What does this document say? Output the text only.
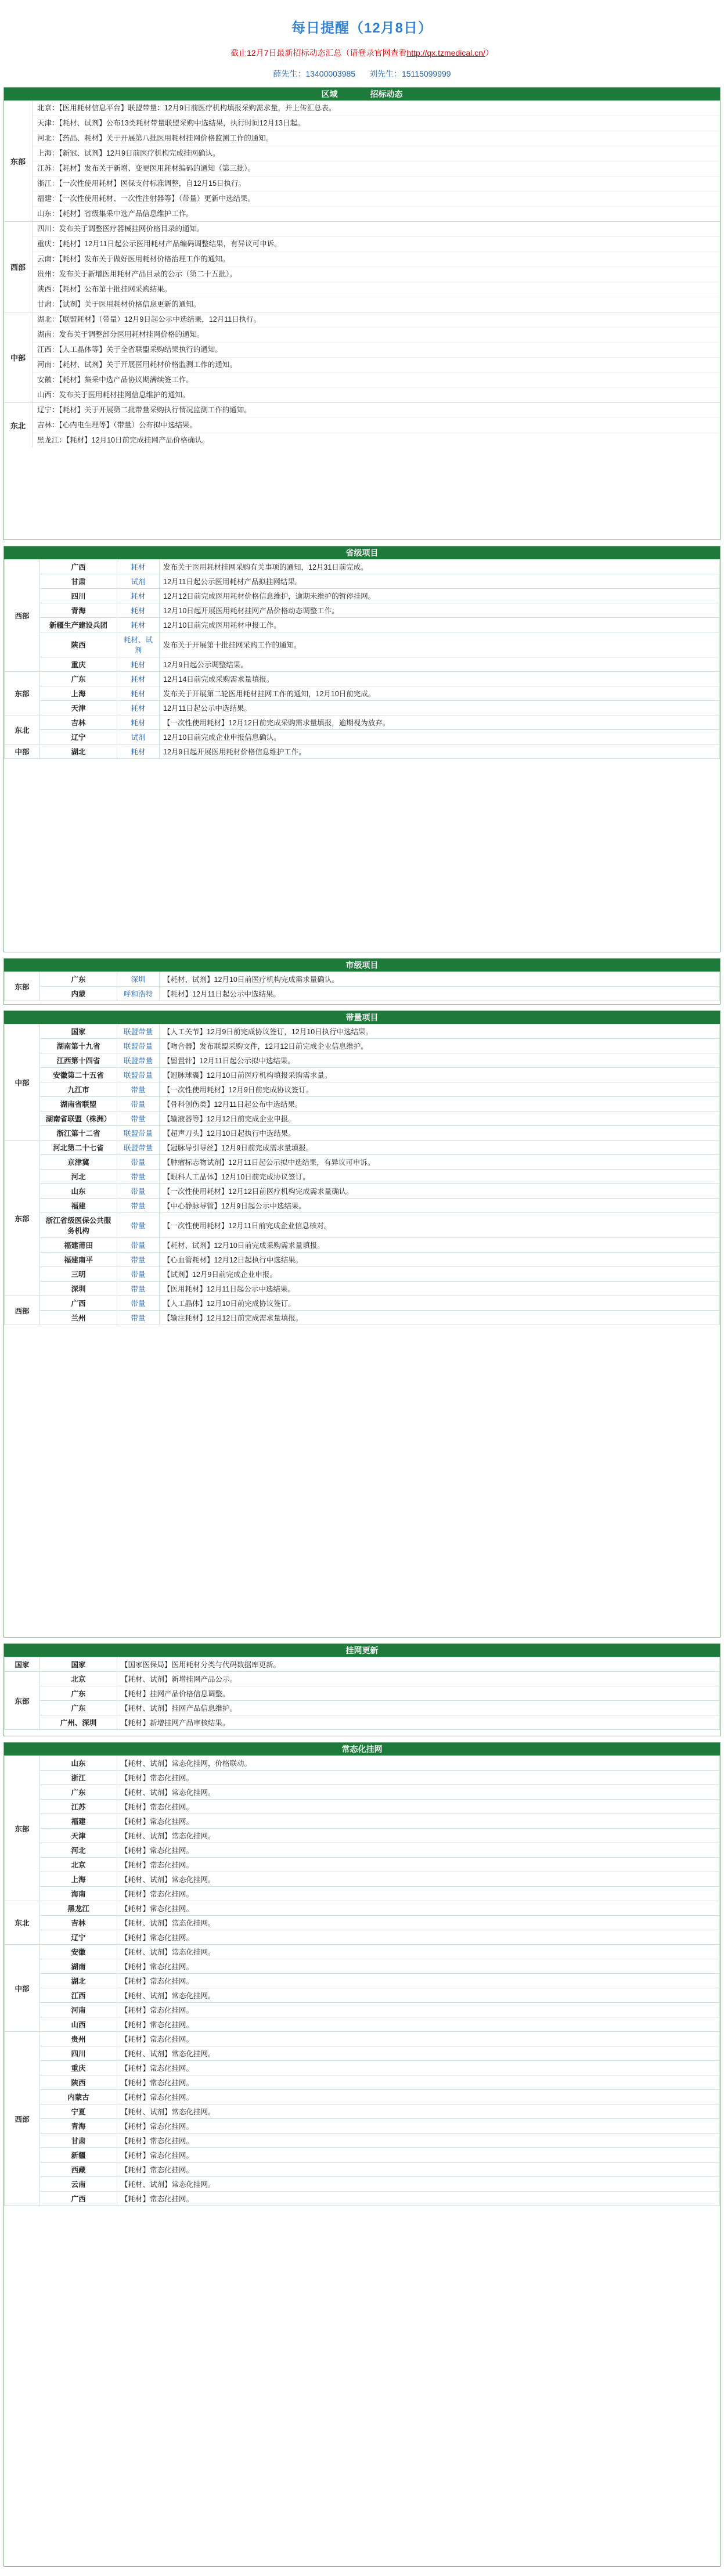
每日提醒（12月8日）
截止12月7日最新招标动态汇总（请登录官网查看http://qx.tzmedical.cn/）
薛先生：13400003985 刘先生：15115099999
区域　　　　招标动态
东部
北京：【医用耗材信息平台】联盟带量：12月9日前医疗机构填报采购需求量，并上传汇总表。
天津：【耗材、试剂】公布13类耗材带量联盟采购中选结果，执行时间12月13日起。
河北：【药品、耗材】关于开展第八批医用耗材挂网价格监测工作的通知。
上海：【新冠、试剂】12月9日前医疗机构完成挂网确认。
江苏：【耗材】发布关于新增、变更医用耗材编码的通知（第三批）。
浙江：【一次性使用耗材】医保支付标准调整，自12月15日执行。
福建：【一次性使用耗材、一次性注射器等】（带量）更新中选结果。
山东：【耗材】省级集采中选产品信息维护工作。
西部
四川：发布关于调整医疗器械挂网价格目录的通知。
重庆：【耗材】12月11日起公示医用耗材产品编码调整结果，有异议可申诉。
云南：【耗材】发布关于做好医用耗材价格治理工作的通知。
贵州：发布关于新增医用耗材产品目录的公示（第二十五批）。
陕西：【耗材】公布第十批挂网采购结果。
甘肃：【试剂】关于医用耗材价格信息更新的通知。
中部
湖北：【联盟耗材】（带量）12月9日起公示中选结果，12月11日执行。
湖南：发布关于调整部分医用耗材挂网价格的通知。
江西：【人工晶体等】关于全省联盟采购结果执行的通知。
河南：【耗材、试剂】关于开展医用耗材价格监测工作的通知。
安徽：【耗材】集采中选产品协议期满续签工作。
山西：发布关于医用耗材挂网信息维护的通知。
东北
辽宁：【耗材】关于开展第二批带量采购执行情况监测工作的通知。
吉林：【心内电生理等】（带量）公布拟中选结果。
黑龙江：【耗材】12月10日前完成挂网产品价格确认。
省级项目
西部	广西	耗材	发布关于医用耗材挂网采购有关事项的通知，12月31日前完成。
	甘肃	试剂	12月11日起公示医用耗材产品拟挂网结果。
	四川	耗材	12月12日前完成医用耗材价格信息维护，逾期未维护的暂停挂网。
	青海	耗材	12月10日起开展医用耗材挂网产品价格动态调整工作。
	新疆生产建设兵团	耗材	12月10日前完成医用耗材申报工作。
	陕西	耗材、试剂	发布关于开展第十批挂网采购工作的通知。
	重庆	耗材	12月9日起公示调整结果。
东部	广东	耗材	12月14日前完成采购需求量填报。
	上海	耗材	发布关于开展第二轮医用耗材挂网工作的通知，12月10日前完成。
	天津	耗材	12月11日起公示中选结果。
东北	吉林	耗材	【一次性使用耗材】12月12日前完成采购需求量填报，逾期视为放弃。
	辽宁	试剂	12月10日前完成企业申报信息确认。
中部	湖北	耗材	12月9日起开展医用耗材价格信息维护工作。
市级项目
东部	广东	深圳	【耗材、试剂】12月10日前医疗机构完成需求量确认。
	内蒙	呼和浩特	【耗材】12月11日起公示中选结果。
带量项目
中部	国家	联盟带量	【人工关节】12月9日前完成协议签订，12月10日执行中选结果。
	湖南第十九省	联盟带量	【吻合器】发布联盟采购文件，12月12日前完成企业信息维护。
	江西第十四省	联盟带量	【留置针】12月11日起公示拟中选结果。
	安徽第二十五省	联盟带量	【冠脉球囊】12月10日前医疗机构填报采购需求量。
	九江市	带量	【一次性使用耗材】12月9日前完成协议签订。
	湖南省联盟	带量	【骨科创伤类】12月11日起公布中选结果。
	湖南省联盟（株洲）	带量	【输液器等】12月12日前完成企业申报。
	浙江第十二省	联盟带量	【超声刀头】12月10日起执行中选结果。
东部	河北第二十七省	联盟带量	【冠脉导引导丝】12月9日前完成需求量填报。
	京津冀	带量	【肿瘤标志物试剂】12月11日起公示拟中选结果，有异议可申诉。
	河北	带量	【眼科人工晶体】12月10日前完成协议签订。
	山东	带量	【一次性使用耗材】12月12日前医疗机构完成需求量确认。
	福建	带量	【中心静脉导管】12月9日起公示中选结果。
	浙江省级医保公共服务机构	带量	【一次性使用耗材】12月11日前完成企业信息核对。
	福建莆田	带量	【耗材、试剂】12月10日前完成采购需求量填报。
	福建南平	带量	【心血管耗材】12月12日起执行中选结果。
	三明	带量	【试剂】12月9日前完成企业申报。
	深圳	带量	【医用耗材】12月11日起公示中选结果。
西部	广西	带量	【人工晶体】12月10日前完成协议签订。
	兰州	带量	【输注耗材】12月12日前完成需求量填报。
挂网更新
国家	国家	【国家医保局】医用耗材分类与代码数据库更新。
东部	北京	【耗材、试剂】新增挂网产品公示。
	广东	【耗材】挂网产品价格信息调整。
	广东	【耗材、试剂】挂网产品信息维护。
	广州、深圳	【耗材】新增挂网产品审核结果。
常态化挂网
东部	山东	【耗材、试剂】常态化挂网，价格联动。
	浙江	【耗材】常态化挂网。
	广东	【耗材、试剂】常态化挂网。
	江苏	【耗材】常态化挂网。
	福建	【耗材】常态化挂网。
	天津	【耗材、试剂】常态化挂网。
	河北	【耗材】常态化挂网。
	北京	【耗材】常态化挂网。
	上海	【耗材、试剂】常态化挂网。
	海南	【耗材】常态化挂网。
东北	黑龙江	【耗材】常态化挂网。
	吉林	【耗材、试剂】常态化挂网。
	辽宁	【耗材】常态化挂网。
中部	安徽	【耗材、试剂】常态化挂网。
	湖南	【耗材】常态化挂网。
	湖北	【耗材】常态化挂网。
	江西	【耗材、试剂】常态化挂网。
	河南	【耗材】常态化挂网。
	山西	【耗材】常态化挂网。
西部	贵州	【耗材】常态化挂网。
	四川	【耗材、试剂】常态化挂网。
	重庆	【耗材】常态化挂网。
	陕西	【耗材】常态化挂网。
	内蒙古	【耗材】常态化挂网。
	宁夏	【耗材、试剂】常态化挂网。
	青海	【耗材】常态化挂网。
	甘肃	【耗材】常态化挂网。
	新疆	【耗材】常态化挂网。
	西藏	【耗材】常态化挂网。
	云南	【耗材、试剂】常态化挂网。
	广西	【耗材】常态化挂网。
